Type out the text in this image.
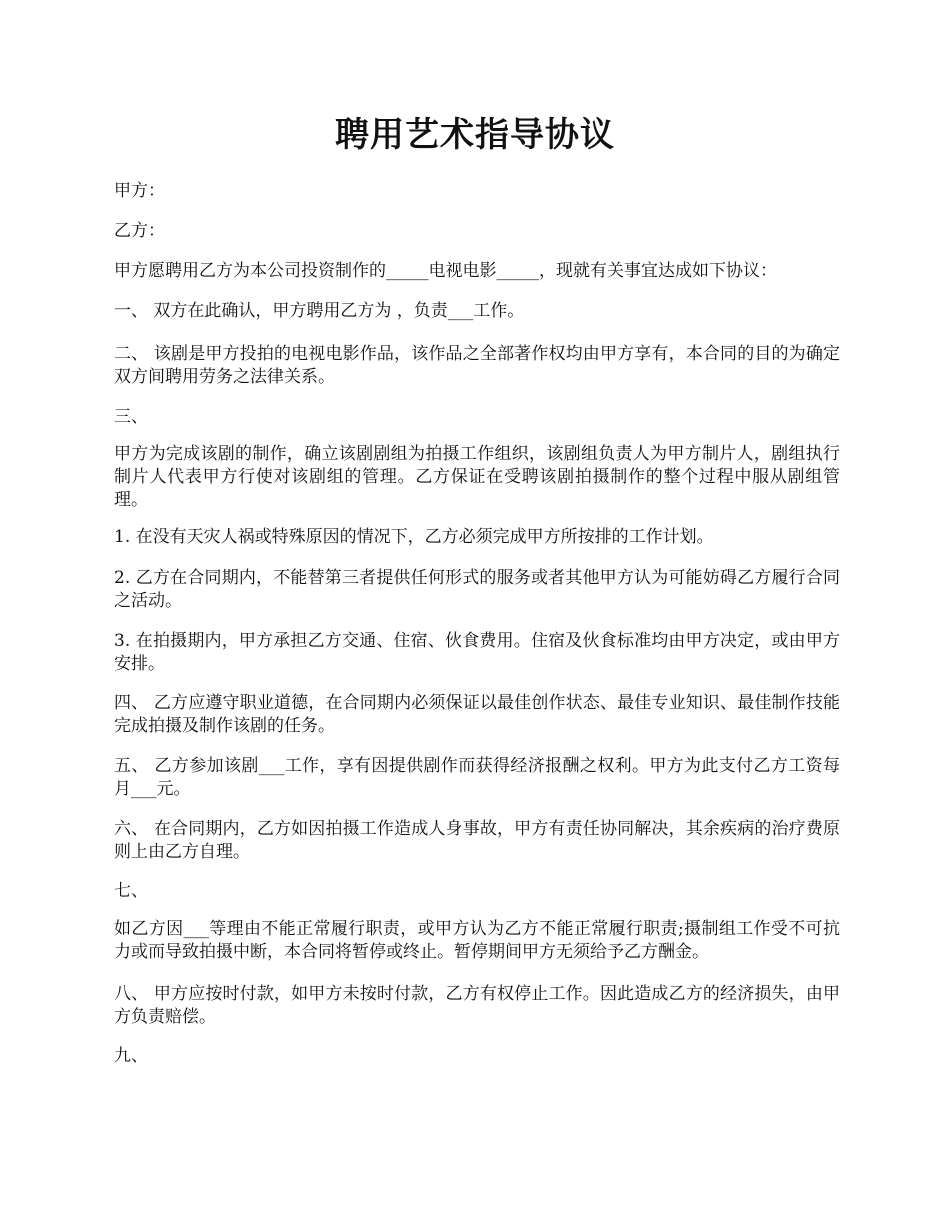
聘用艺术指导协议

甲方：

乙方：

甲方愿聘用乙方为本公司投资制作的_____电视电影_____，现就有关事宜达成如下协议：

一、 双方在此确认，甲方聘用乙方为 ，负责___工作。

二、 该剧是甲方投拍的电视电影作品，该作品之全部著作权均由甲方享有，本合同的目的为确定双方间聘用劳务之法律关系。

三、

甲方为完成该剧的制作，确立该剧剧组为拍摄工作组织，该剧组负责人为甲方制片人，剧组执行制片人代表甲方行使对该剧组的管理。乙方保证在受聘该剧拍摄制作的整个过程中服从剧组管理。

1. 在没有天灾人祸或特殊原因的情况下，乙方必须完成甲方所按排的工作计划。

2. 乙方在合同期内，不能替第三者提供任何形式的服务或者其他甲方认为可能妨碍乙方履行合同之活动。

3. 在拍摄期内，甲方承担乙方交通、住宿、伙食费用。住宿及伙食标准均由甲方决定，或由甲方安排。

四、 乙方应遵守职业道德，在合同期内必须保证以最佳创作状态、最佳专业知识、最佳制作技能完成拍摄及制作该剧的任务。

五、 乙方参加该剧___工作，享有因提供剧作而获得经济报酬之权利。甲方为此支付乙方工资每月___元。

六、 在合同期内，乙方如因拍摄工作造成人身事故，甲方有责任协同解决，其余疾病的治疗费原则上由乙方自理。

七、

如乙方因___等理由不能正常履行职责，或甲方认为乙方不能正常履行职责;摄制组工作受不可抗力或而导致拍摄中断，本合同将暂停或终止。暂停期间甲方无须给予乙方酬金。

八、 甲方应按时付款，如甲方未按时付款，乙方有权停止工作。因此造成乙方的经济损失，由甲方负责赔偿。

九、
